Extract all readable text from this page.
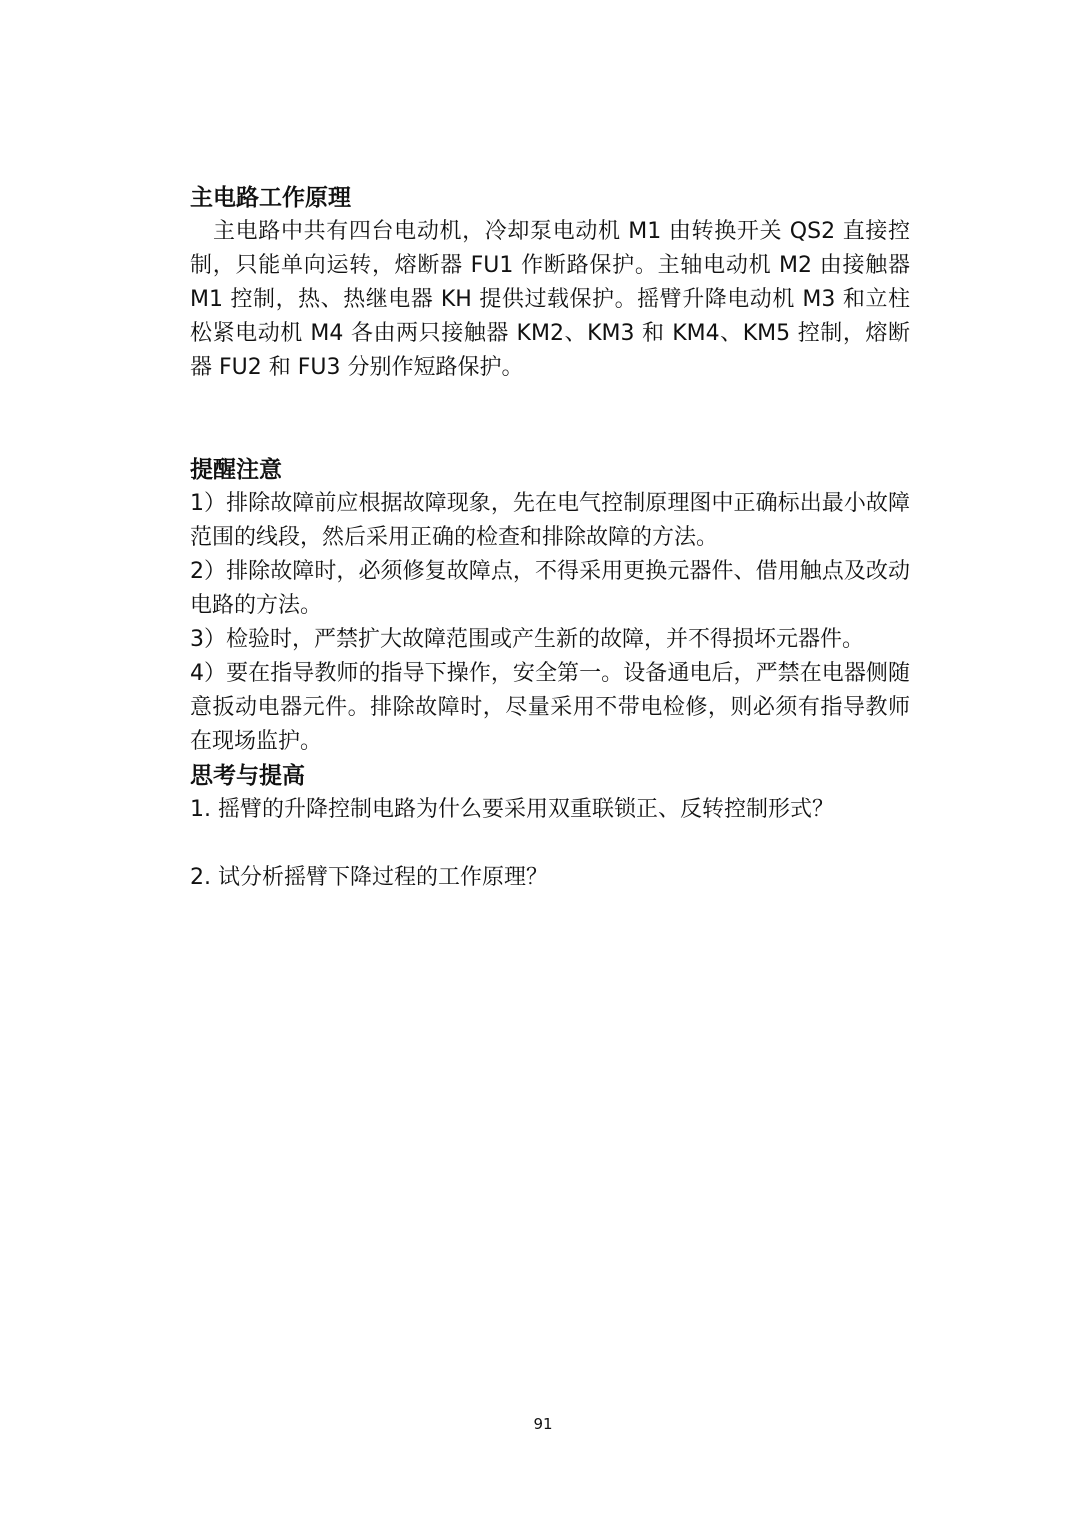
主电路工作原理

主电路中共有四台电动机，冷却泵电动机 M1 由转换开关 QS2 直接控制，只能单向运转，熔断器 FU1 作断路保护。主轴电动机 M2 由接触器 M1 控制，热、热继电器 KH 提供过载保护。摇臂升降电动机 M3 和立柱松紧电动机 M4 各由两只接触器 KM2、KM3 和 KM4、KM5 控制，熔断器 FU2 和 FU3 分别作短路保护。

提醒注意

1）排除故障前应根据故障现象，先在电气控制原理图中正确标出最小故障范围的线段，然后采用正确的检查和排除故障的方法。

2）排除故障时，必须修复故障点，不得采用更换元器件、借用触点及改动电路的方法。

3）检验时，严禁扩大故障范围或产生新的故障，并不得损坏元器件。

4）要在指导教师的指导下操作，安全第一。设备通电后，严禁在电器侧随意扳动电器元件。排除故障时，尽量采用不带电检修，则必须有指导教师在现场监护。

思考与提高

1. 摇臂的升降控制电路为什么要采用双重联锁正、反转控制形式？

2. 试分析摇臂下降过程的工作原理？

91
